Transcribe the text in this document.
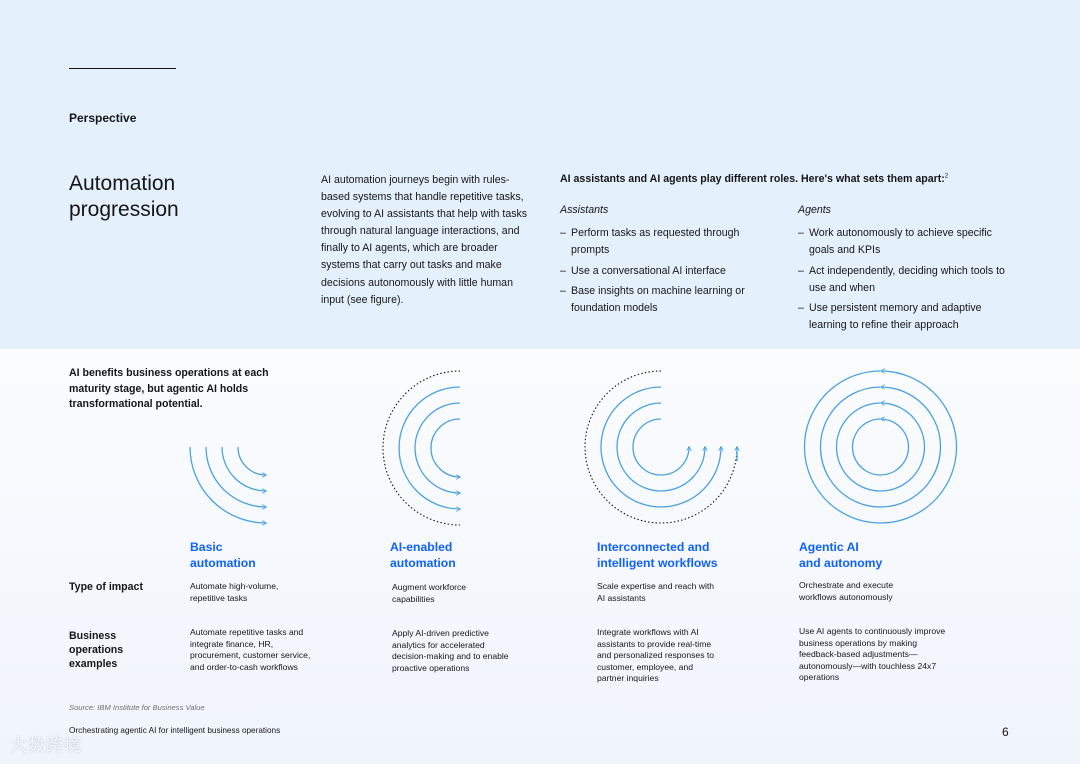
Perspective
Automation
progression
AI automation journeys begin with rules-based systems that handle repetitive tasks, evolving to AI assistants that help with tasks through natural language interactions, and finally to AI agents, which are broader systems that carry out tasks and make decisions autonomously with little human input (see figure).
AI assistants and AI agents play different roles. Here's what sets them apart:$^2$
Assistants
– Perform tasks as requested through prompts
– Use a conversational AI interface
– Base insights on machine learning or foundation models
Agents
– Work autonomously to achieve specific goals and KPIs
– Act independently, deciding which tools to use and when
– Use persistent memory and adaptive learning to refine their approach
AI benefits business operations at each maturity stage, but agentic AI holds transformational potential.
Basic
automation
AI-enabled
automation
Interconnected and
intelligent workflows
Agentic AI
and autonomy
Type of impact	Automate high-volume, repetitive tasks
Augment workforce capabilities
Scale expertise and reach with AI assistants
Orchestrate and execute workflows autonomously
Business operations examples
Automate repetitive tasks and integrate finance, HR, procurement, customer service, and order-to-cash workflows
Apply AI-driven predictive analytics for accelerated decision-making and to enable proactive operations
Integrate workflows with AI assistants to provide real-time and personalized responses to customer, employee, and partner inquiries
Use AI agents to continuously improve business operations by making feedback-based adjustments—autonomously—with touchless 24x7 operations
Source: IBM Institute for Business Value
Orchestrating agentic AI for intelligent business operations	6
大数跨境
